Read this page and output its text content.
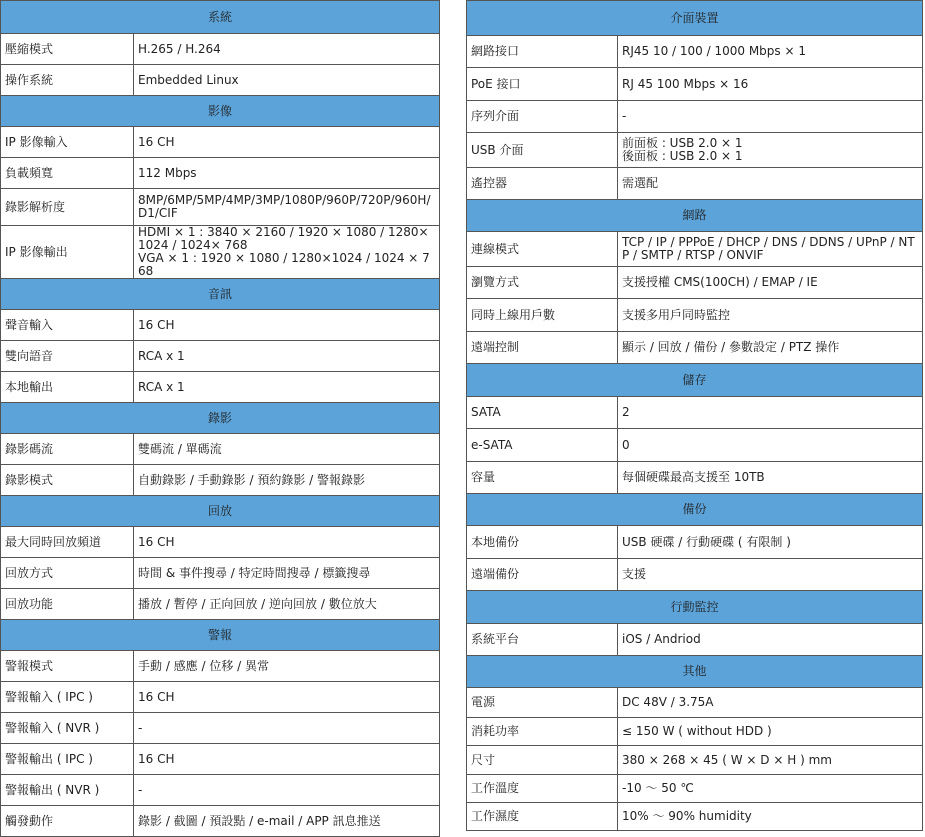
系統	
壓縮模式	H.265 / H.264
操作系統	Embedded Linux
影像	
IP 影像輸入	16 CH
負載頻寬	112 Mbps
錄影解析度	8MP/6MP/5MP/4MP/3MP/1080P/960P/720P/960H/D1/CIF
IP 影像輸出	HDMI × 1 : 3840 × 2160 / 1920 × 1080 / 1280×1024 / 1024× 768
VGA × 1 : 1920 × 1080 / 1280×1024 / 1024 × 768
音訊	
聲音輸入	16 CH
雙向語音	RCA x 1
本地輸出	RCA x 1
錄影	
錄影碼流	雙碼流 / 單碼流
錄影模式	自動錄影 / 手動錄影 / 預約錄影 / 警報錄影
回放	
最大同時回放頻道	16 CH
回放方式	時間 & 事件搜尋 / 特定時間搜尋 / 標籤搜尋
回放功能	播放 / 暫停 / 正向回放 / 逆向回放 / 數位放大
警報	
警報模式	手動 / 感應 / 位移 / 異常
警報輸入 ( IPC )	16 CH
警報輸入 ( NVR )	-
警報輸出 ( IPC )	16 CH
警報輸出 ( NVR )	-
觸發動作	錄影 / 截圖 / 預設點 / e-mail / APP 訊息推送
介面裝置	
網路接口	RJ45 10 / 100 / 1000 Mbps × 1
PoE 接口	RJ 45 100 Mbps × 16
序列介面	-
USB 介面	前面板 : USB 2.0 × 1
後面板 : USB 2.0 × 1
遙控器	需選配
網路	
連線模式	TCP / IP / PPPoE / DHCP / DNS / DDNS / UPnP / NTP / SMTP / RTSP / ONVIF
瀏覽方式	支援授權 CMS(100CH) / EMAP / IE
同時上線用戶數	支援多用戶同時監控
遠端控制	顯示 / 回放 / 備份 / 參數設定 / PTZ 操作
儲存	
SATA	2
e-SATA	0
容量	每個硬碟最高支援至 10TB
備份	
本地備份	USB 硬碟 / 行動硬碟 ( 有限制 )
遠端備份	支援
行動監控	
系統平台	iOS / Andriod
其他	
電源	DC 48V / 3.75A
消耗功率	≤ 150 W ( without HDD )
尺寸	380 × 268 × 45 ( W × D × H ) mm
工作溫度	-10 ～ 50 ℃
工作濕度	10% ～ 90% humidity
